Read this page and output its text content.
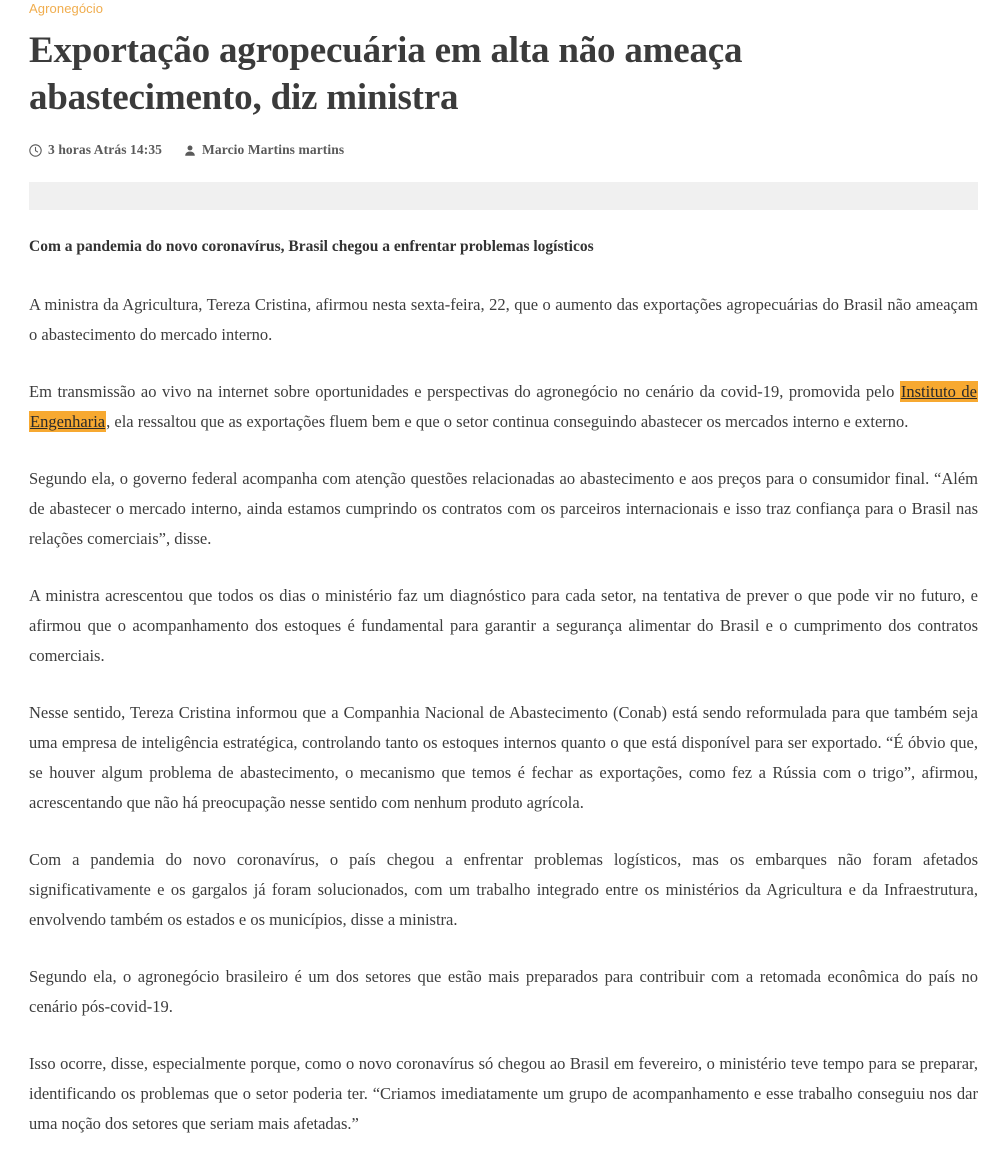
Agronegócio
Exportação agropecuária em alta não ameaça abastecimento, diz ministra
3 horas Atrás 14:35	Marcio Martins martins

Com a pandemia do novo coronavírus, Brasil chegou a enfrentar problemas logísticos

A ministra da Agricultura, Tereza Cristina, afirmou nesta sexta-feira, 22, que o aumento das exportações agropecuárias do Brasil não ameaçam o abastecimento do mercado interno.

Em transmissão ao vivo na internet sobre oportunidades e perspectivas do agronegócio no cenário da covid-19, promovida pelo Instituto de Engenharia, ela ressaltou que as exportações fluem bem e que o setor continua conseguindo abastecer os mercados interno e externo.

Segundo ela, o governo federal acompanha com atenção questões relacionadas ao abastecimento e aos preços para o consumidor final. “Além de abastecer o mercado interno, ainda estamos cumprindo os contratos com os parceiros internacionais e isso traz confiança para o Brasil nas relações comerciais”, disse.

A ministra acrescentou que todos os dias o ministério faz um diagnóstico para cada setor, na tentativa de prever o que pode vir no futuro, e afirmou que o acompanhamento dos estoques é fundamental para garantir a segurança alimentar do Brasil e o cumprimento dos contratos comerciais.

Nesse sentido, Tereza Cristina informou que a Companhia Nacional de Abastecimento (Conab) está sendo reformulada para que também seja uma empresa de inteligência estratégica, controlando tanto os estoques internos quanto o que está disponível para ser exportado. “É óbvio que, se houver algum problema de abastecimento, o mecanismo que temos é fechar as exportações, como fez a Rússia com o trigo”, afirmou, acrescentando que não há preocupação nesse sentido com nenhum produto agrícola.

Com a pandemia do novo coronavírus, o país chegou a enfrentar problemas logísticos, mas os embarques não foram afetados significativamente e os gargalos já foram solucionados, com um trabalho integrado entre os ministérios da Agricultura e da Infraestrutura, envolvendo também os estados e os municípios, disse a ministra.

Segundo ela, o agronegócio brasileiro é um dos setores que estão mais preparados para contribuir com a retomada econômica do país no cenário pós-covid-19.

Isso ocorre, disse, especialmente porque, como o novo coronavírus só chegou ao Brasil em fevereiro, o ministério teve tempo para se preparar, identificando os problemas que o setor poderia ter. “Criamos imediatamente um grupo de acompanhamento e esse trabalho conseguiu nos dar uma noção dos setores que seriam mais afetadas.”
